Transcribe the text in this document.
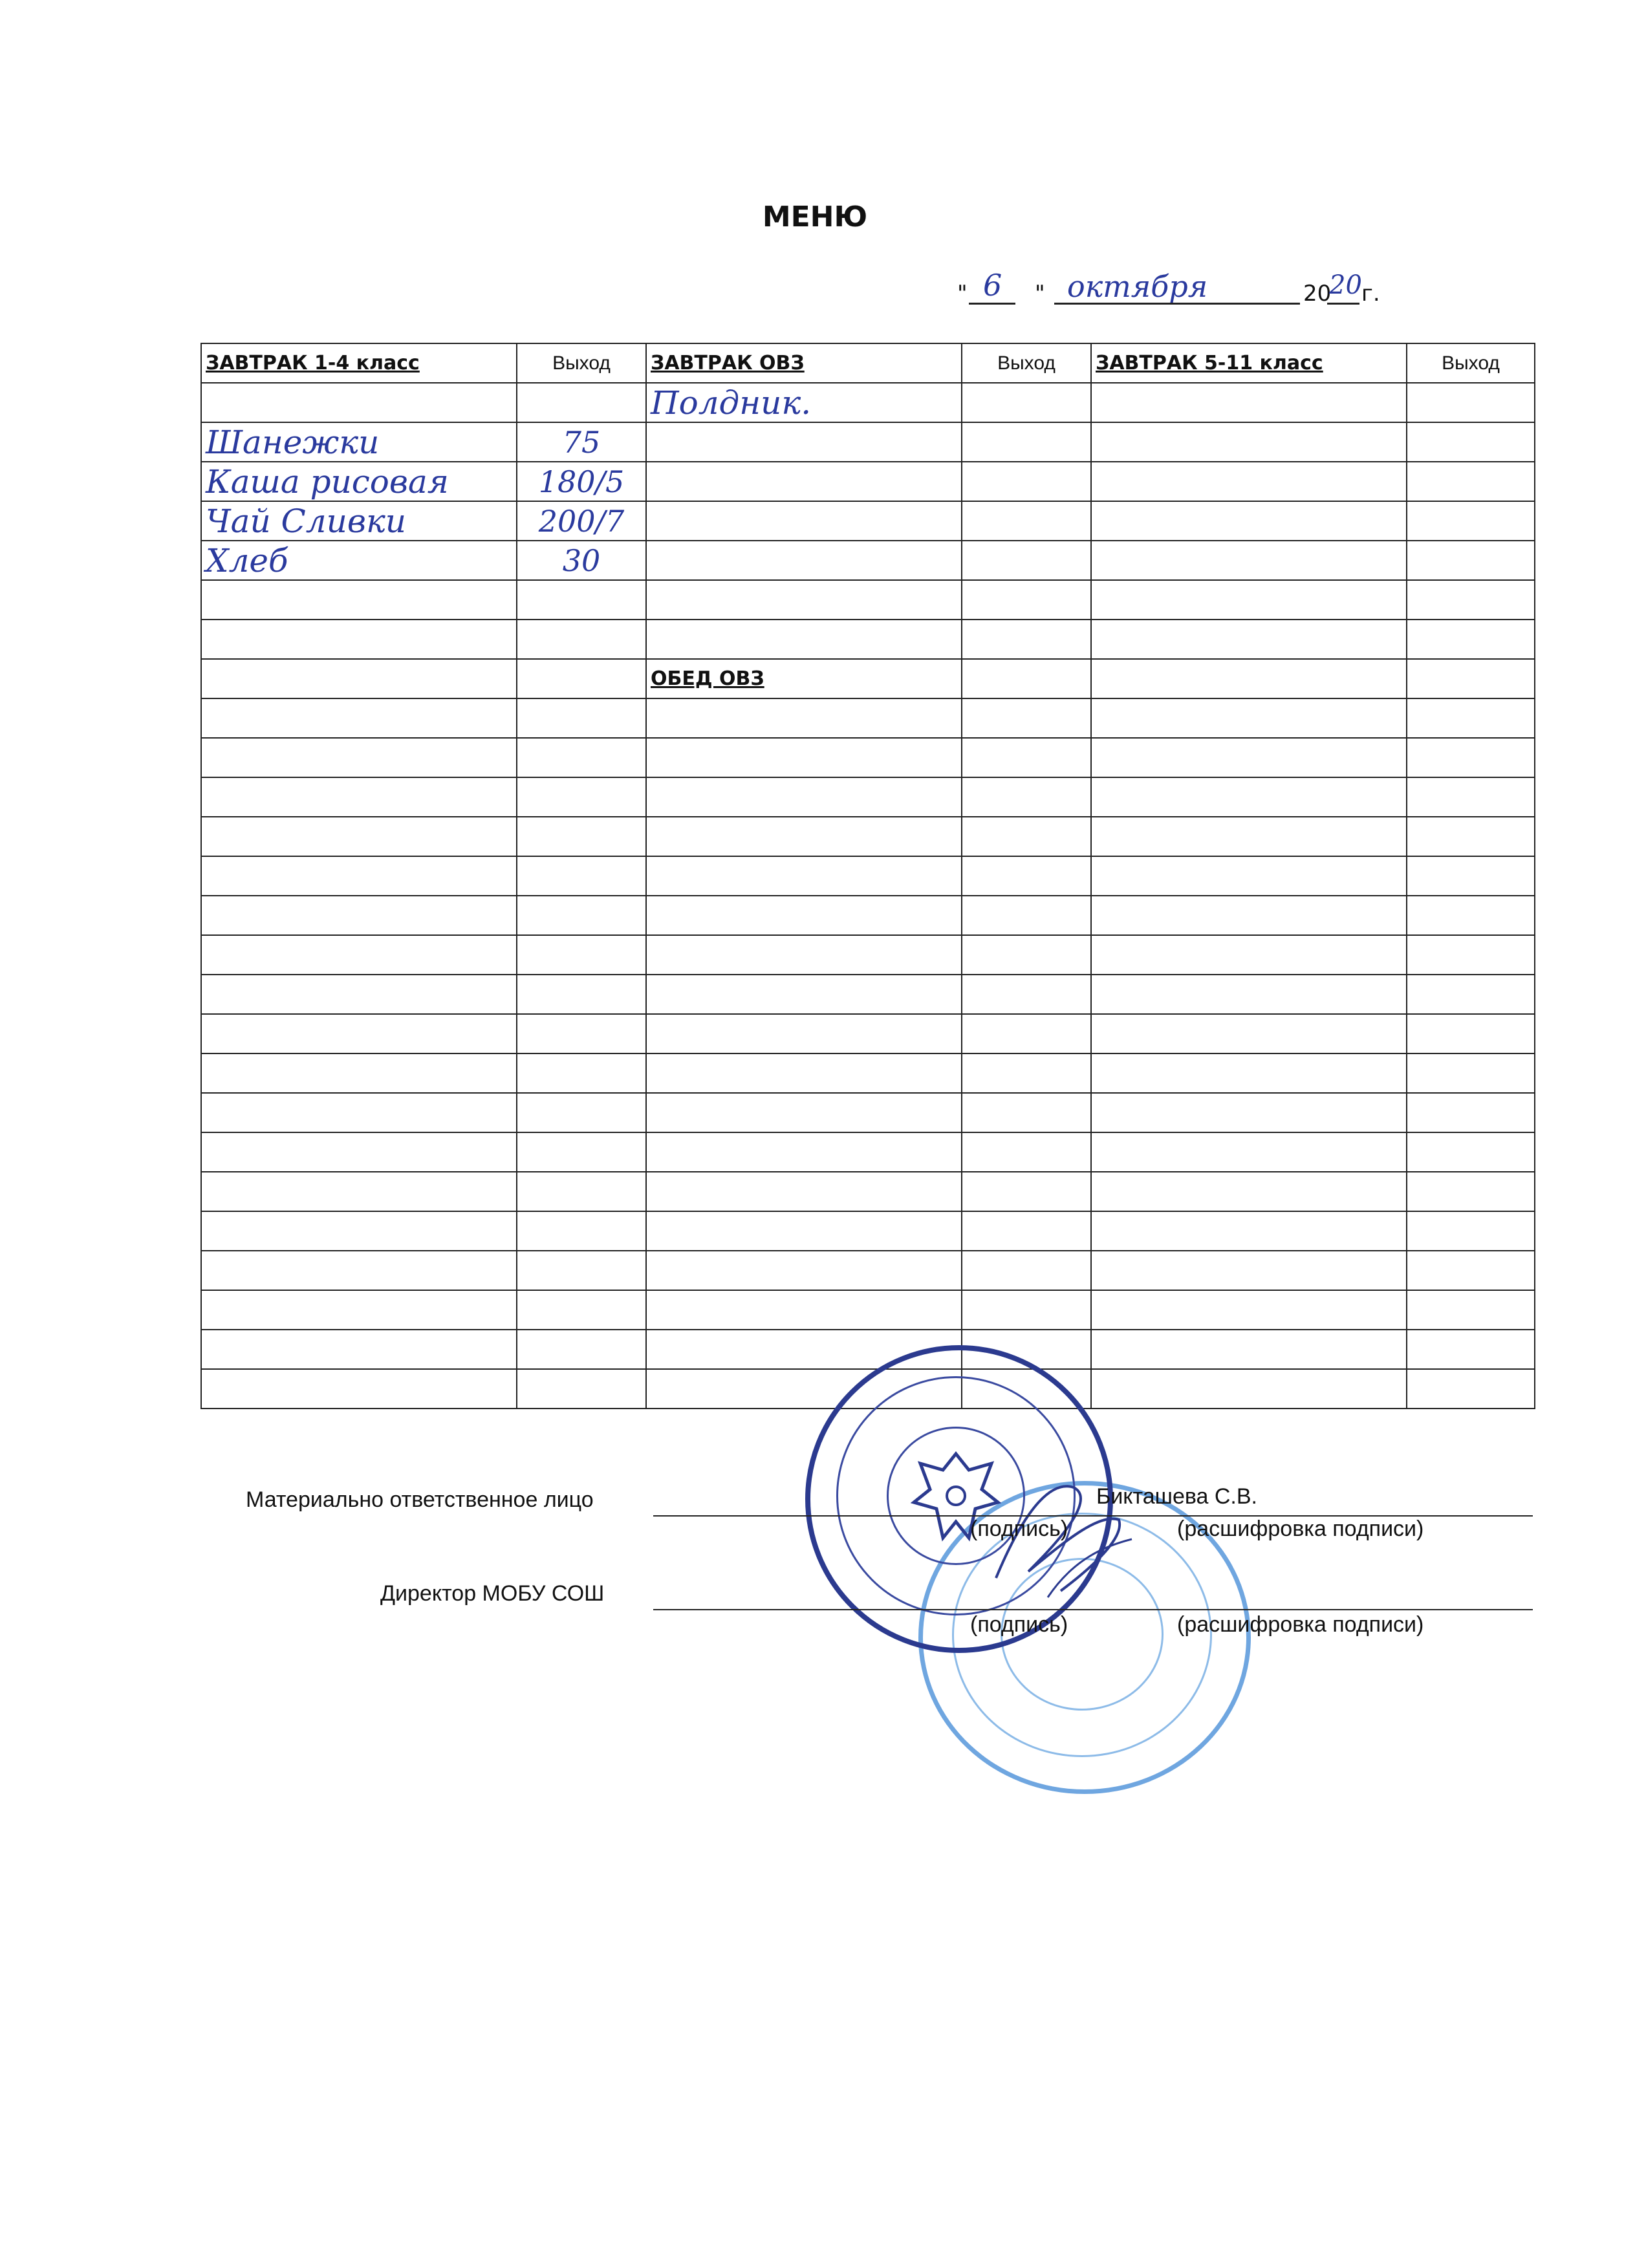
МЕНЮ
" 6 " октября	20
20 г.
ЗАВТРАК 1-4 класс	Выход	ЗАВТРАК ОВЗ	Выход	ЗАВТРАК 5-11 класс	Выход
		Полдник.			
Шанежки	75				
Каша рисовая	180/5				
Чай Сливки	200/7				
Хлеб	30				

		ОБЕД ОВЗ			

Материально ответственное лицо	Бикташева С.В.
(подпись)	(расшифровка подписи)
Директор МОБУ СОШ
(подпись)	(расшифровка подписи)
